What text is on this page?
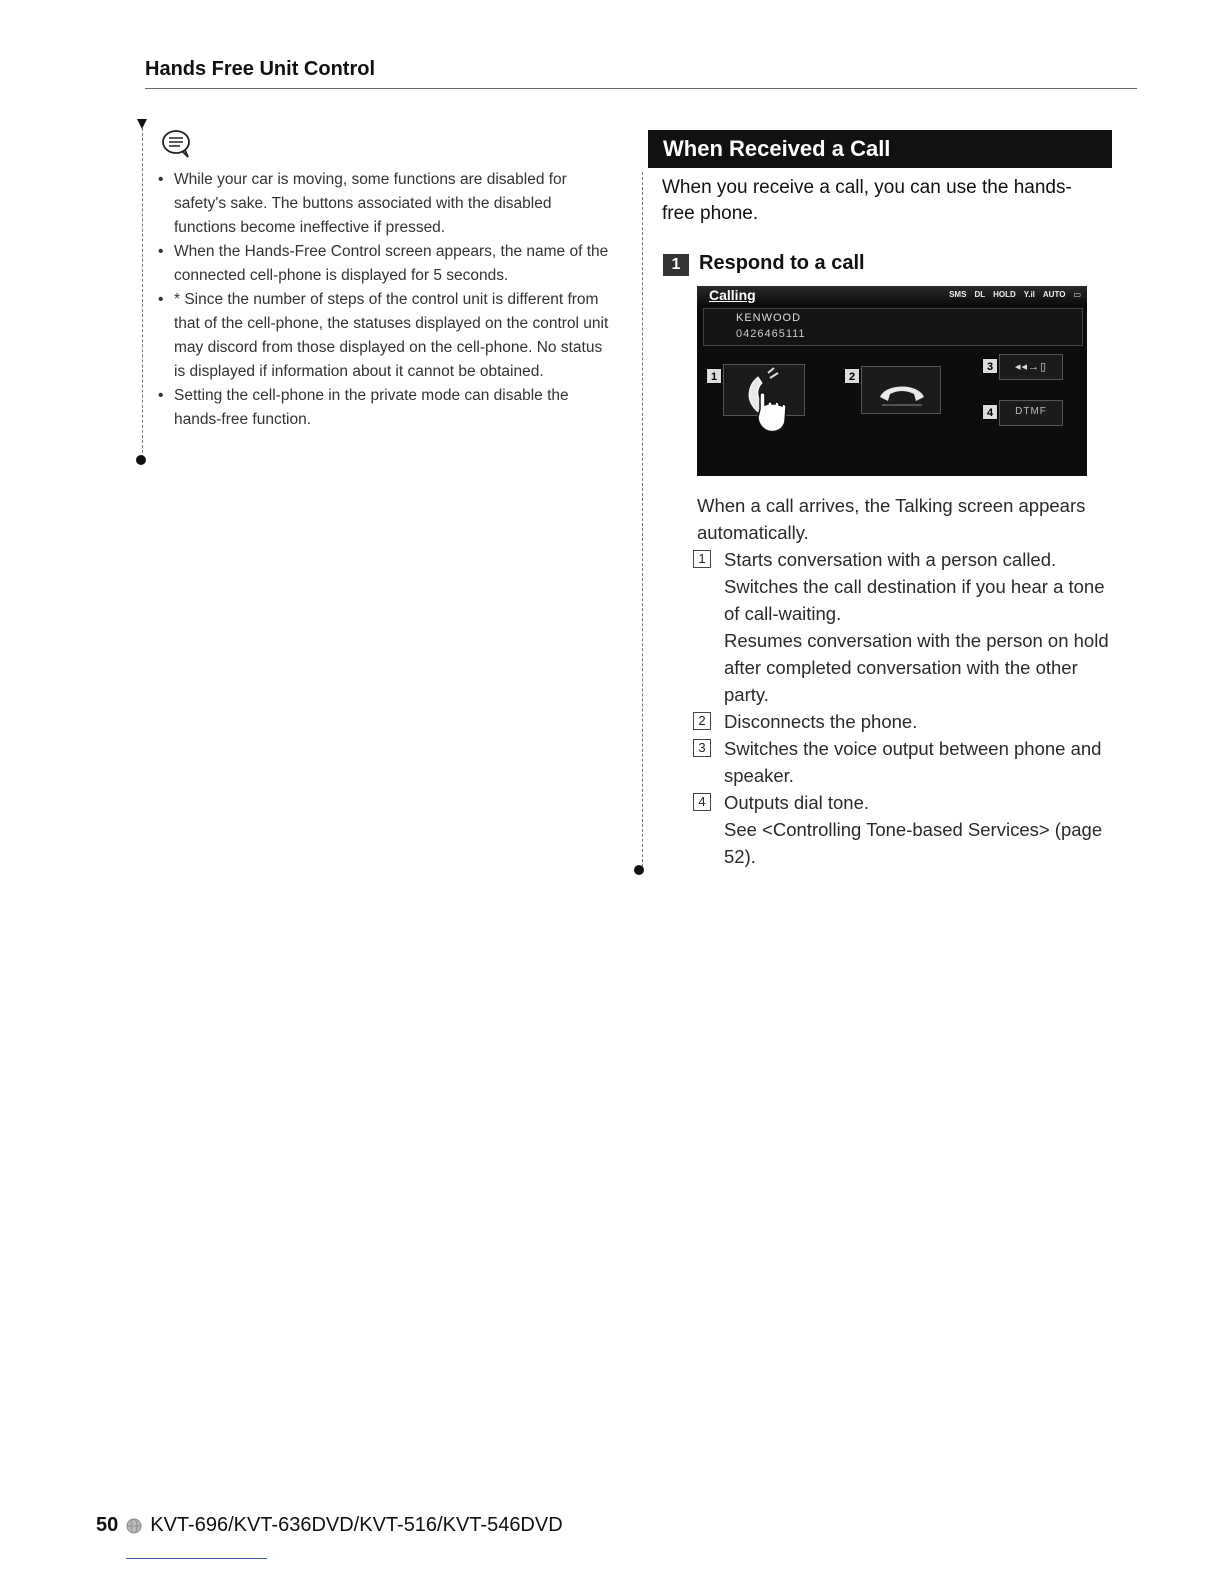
Hands Free Unit Control
• While your car is moving, some functions are disabled for safety's sake. The buttons associated with the disabled functions become ineffective if pressed.
• When the Hands-Free Control screen appears, the name of the connected cell-phone is displayed for 5 seconds.
• * Since the number of steps of the control unit is different from that of the cell-phone, the statuses displayed on the control unit may discord from those displayed on the cell-phone. No status is displayed if information about it cannot be obtained.
• Setting the cell-phone in the private mode can disable the hands-free function.
When Received a Call
When you receive a call, you can use the hands-free phone.
1 Respond to a call
Calling	SMS DL HOLD Y.il AUTO ▭
KENWOOD
0426465111
1	2
3	◂◂→▯
4	DTMF
When a call arrives, the Talking screen appears automatically.
1 Starts conversation with a person called.
Switches the call destination if you hear a tone of call-waiting.
Resumes conversation with the person on hold after completed conversation with the other party.
2 Disconnects the phone.
3 Switches the voice output between phone and speaker.
4 Outputs dial tone.
See <Controlling Tone-based Services> (page 52).
50 KVT-696/KVT-636DVD/KVT-516/KVT-546DVD
